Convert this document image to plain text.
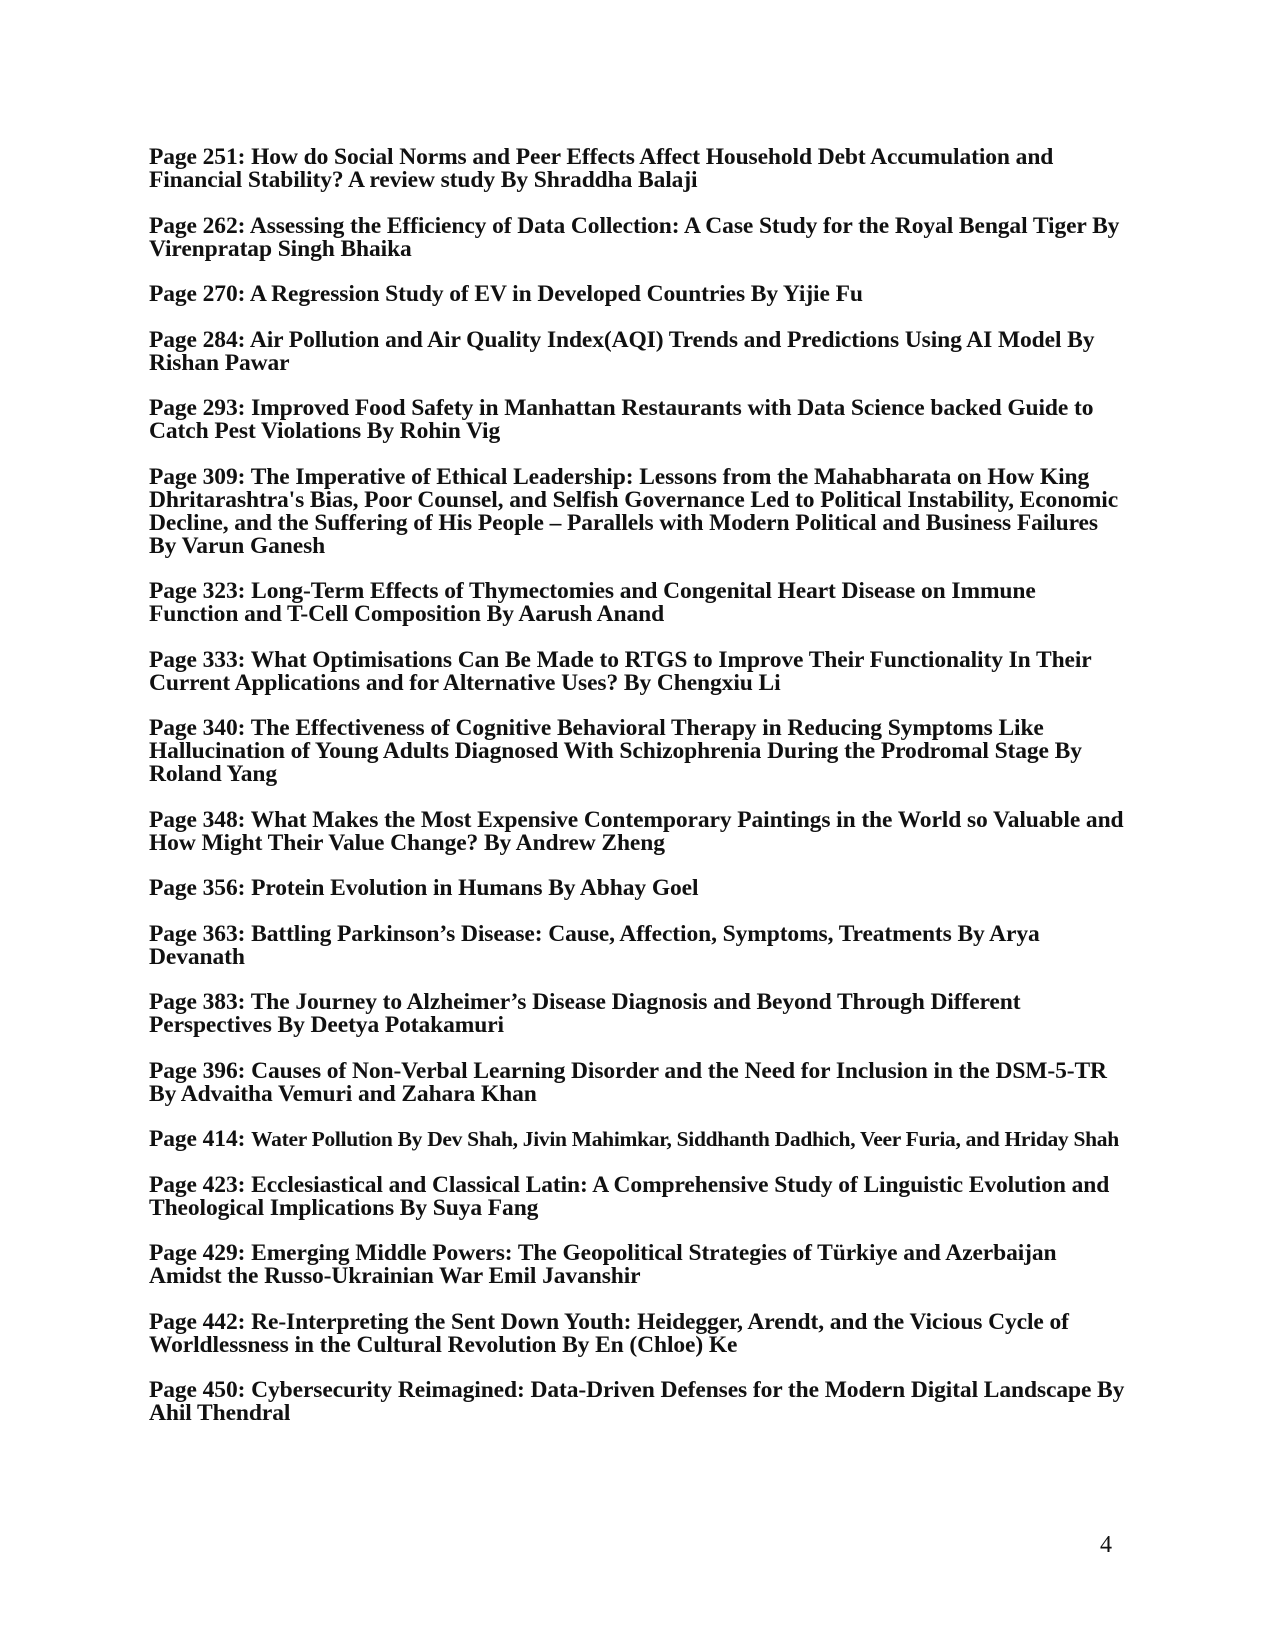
Page 251: How do Social Norms and Peer Effects Affect Household Debt Accumulation and Financial Stability? A review study By Shraddha Balaji
Page 262: Assessing the Efficiency of Data Collection: A Case Study for the Royal Bengal Tiger By Virenpratap Singh Bhaika
Page 270: A Regression Study of EV in Developed Countries By Yijie Fu
Page 284: Air Pollution and Air Quality Index(AQI) Trends and Predictions Using AI Model By Rishan Pawar
Page 293: Improved Food Safety in Manhattan Restaurants with Data Science backed Guide to Catch Pest Violations By Rohin Vig
Page 309: The Imperative of Ethical Leadership: Lessons from the Mahabharata on How King Dhritarashtra's Bias, Poor Counsel, and Selfish Governance Led to Political Instability, Economic Decline, and the Suffering of His People – Parallels with Modern Political and Business Failures By Varun Ganesh
Page 323: Long-Term Effects of Thymectomies and Congenital Heart Disease on Immune Function and T-Cell Composition By Aarush Anand
Page 333: What Optimisations Can Be Made to RTGS to Improve Their Functionality In Their Current Applications and for Alternative Uses? By Chengxiu Li
Page 340: The Effectiveness of Cognitive Behavioral Therapy in Reducing Symptoms Like Hallucination of Young Adults Diagnosed With Schizophrenia During the Prodromal Stage By Roland Yang
Page 348: What Makes the Most Expensive Contemporary Paintings in the World so Valuable and How Might Their Value Change? By Andrew Zheng
Page 356: Protein Evolution in Humans By Abhay Goel
Page 363: Battling Parkinson’s Disease: Cause, Affection, Symptoms, Treatments By Arya Devanath
Page 383: The Journey to Alzheimer’s Disease Diagnosis and Beyond Through Different Perspectives By Deetya Potakamuri
Page 396: Causes of Non-Verbal Learning Disorder and the Need for Inclusion in the DSM-5-TR By Advaitha Vemuri and Zahara Khan
Page 414: Water Pollution By Dev Shah, Jivin Mahimkar, Siddhanth Dadhich, Veer Furia, and Hriday Shah
Page 423: Ecclesiastical and Classical Latin: A Comprehensive Study of Linguistic Evolution and Theological Implications By Suya Fang
Page 429: Emerging Middle Powers: The Geopolitical Strategies of Türkiye and Azerbaijan Amidst the Russo-Ukrainian War Emil Javanshir
Page 442: Re-Interpreting the Sent Down Youth: Heidegger, Arendt, and the Vicious Cycle of Worldlessness in the Cultural Revolution By En (Chloe) Ke
Page 450: Cybersecurity Reimagined: Data-Driven Defenses for the Modern Digital Landscape By Ahil Thendral
4
